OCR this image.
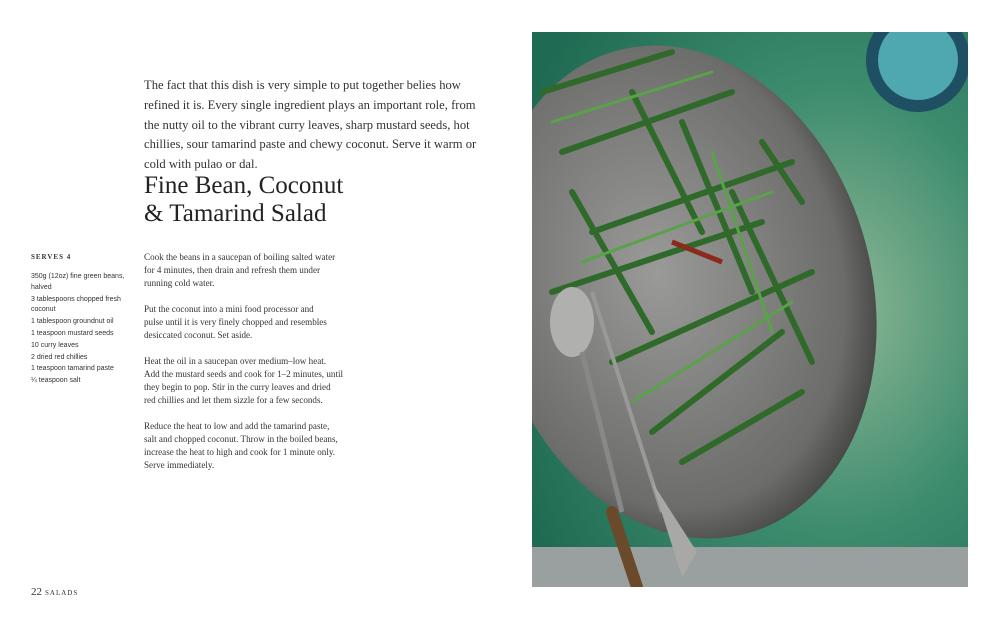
The fact that this dish is very simple to put together belies how
refined it is. Every single ingredient plays an important role, from
the nutty oil to the vibrant curry leaves, sharp mustard seeds, hot
chillies, sour tamarind paste and chewy coconut. Serve it warm or
cold with pulao or dal.
Fine Bean, Coconut
& Tamarind Salad
SERVES 4
350g (12oz) fine green beans,
halved
3 tablespoons chopped fresh
coconut
1 tablespoon groundnut oil
1 teaspoon mustard seeds
10 curry leaves
2 dried red chillies
1 teaspoon tamarind paste
¼ teaspoon salt

Cook the beans in a saucepan of boiling salted water
for 4 minutes, then drain and refresh them under
running cold water.

Put the coconut into a mini food processor and
pulse until it is very finely chopped and resembles
desiccated coconut. Set aside.

Heat the oil in a saucepan over medium–low heat.
Add the mustard seeds and cook for 1–2 minutes, until
they begin to pop. Stir in the curry leaves and dried
red chillies and let them sizzle for a few seconds.

Reduce the heat to low and add the tamarind paste,
salt and chopped coconut. Throw in the boiled beans,
increase the heat to high and cook for 1 minute only.
Serve immediately.

22 SALADS
